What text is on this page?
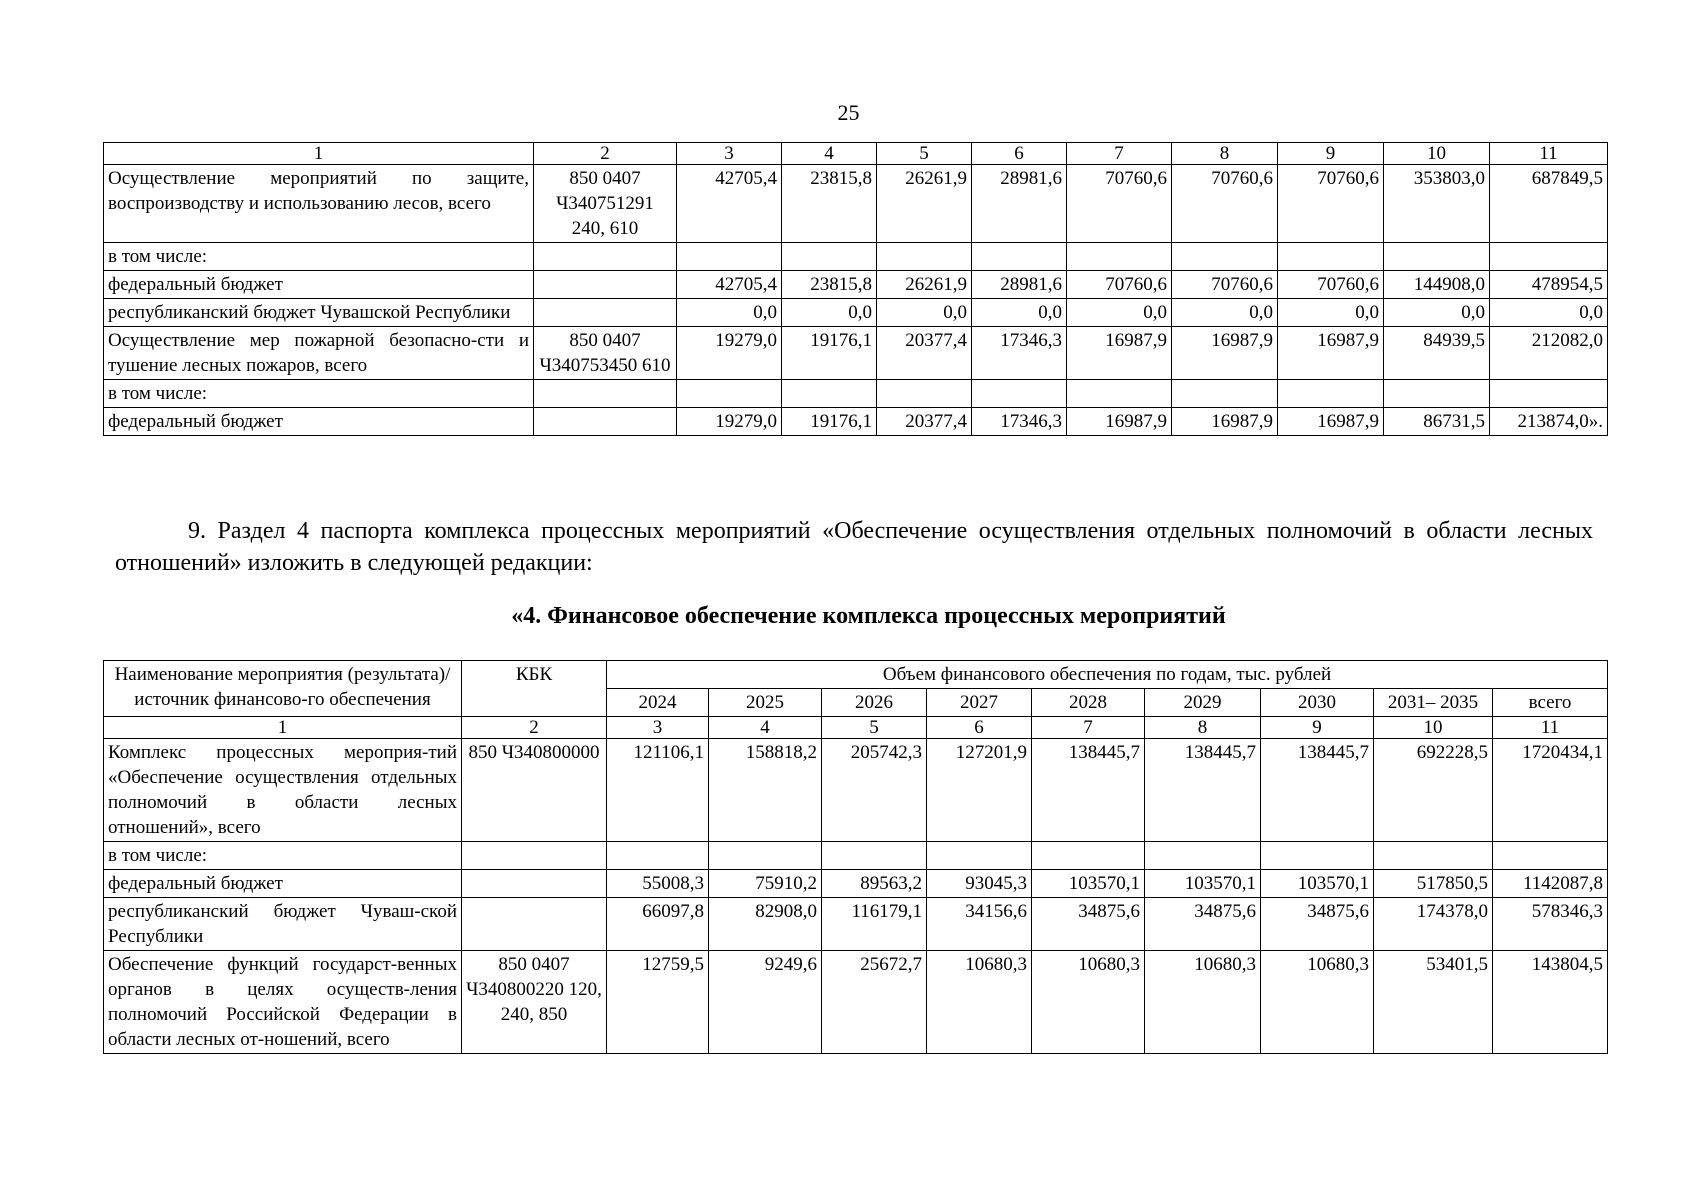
25
1	2	3	4	5	6	7	8	9	10	11
Осуществление мероприятий по защите, воспроизводству и использованию лесов, всего	850 0407 Ч340751291 240, 610	42705,4	23815,8	26261,9	28981,6	70760,6	70760,6	70760,6	353803,0	687849,5
в том числе:										
федеральный бюджет		42705,4	23815,8	26261,9	28981,6	70760,6	70760,6	70760,6	144908,0	478954,5
республиканский бюджет Чувашской Республики		0,0	0,0	0,0	0,0	0,0	0,0	0,0	0,0	0,0
Осуществление мер пожарной безопасно-сти и тушение лесных пожаров, всего	850 0407 Ч340753450 610	19279,0	19176,1	20377,4	17346,3	16987,9	16987,9	16987,9	84939,5	212082,0
в том числе:										
федеральный бюджет		19279,0	19176,1	20377,4	17346,3	16987,9	16987,9	16987,9	86731,5	213874,0».
9. Раздел 4 паспорта комплекса процессных мероприятий «Обеспечение осуществления отдельных полномочий в области лесных отношений» изложить в следующей редакции:
«4. Финансовое обеспечение комплекса процессных мероприятий
Наименование мероприятия (результата)/источник финансово-го обеспечения	КБК	Объем финансового обеспечения по годам, тыс. рублей								
		2024	2025	2026	2027	2028	2029	2030	2031– 2035	всего
1	2	3	4	5	6	7	8	9	10	11
Комплекс процессных мероприя-тий «Обеспечение осуществления отдельных полномочий в области лесных отношений», всего	850 Ч340800000	121106,1	158818,2	205742,3	127201,9	138445,7	138445,7	138445,7	692228,5	1720434,1
в том числе:										
федеральный бюджет		55008,3	75910,2	89563,2	93045,3	103570,1	103570,1	103570,1	517850,5	1142087,8
республиканский бюджет Чуваш-ской Республики		66097,8	82908,0	116179,1	34156,6	34875,6	34875,6	34875,6	174378,0	578346,3
Обеспечение функций государст-венных органов в целях осуществ-ления полномочий Российской Федерации в области лесных от-ношений, всего	850 0407 Ч340800220 120, 240, 850	12759,5	9249,6	25672,7	10680,3	10680,3	10680,3	10680,3	53401,5	143804,5
